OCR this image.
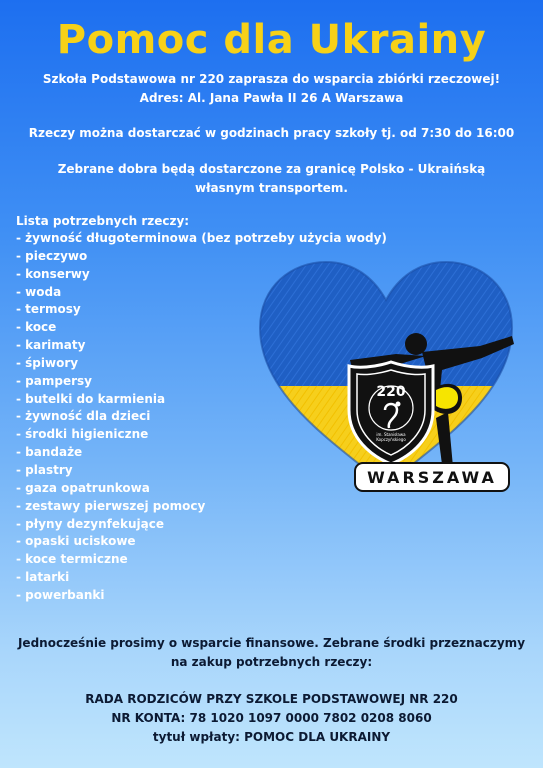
Pomoc dla Ukrainy
Szkoła Podstawowa nr 220 zaprasza do wsparcia zbiórki rzeczowej!
Adres: Al. Jana Pawła II 26 A Warszawa
Rzeczy można dostarczać w godzinach pracy szkoły tj. od 7:30 do 16:00
Zebrane dobra będą dostarczone za granicę Polsko - Ukraińską
własnym transportem.
Lista potrzebnych rzeczy:
- żywność długoterminowa (bez potrzeby użycia wody)
- pieczywo
- konserwy
- woda
- termosy
- koce
- karimaty
- śpiwory
- pampersy
- butelki do karmienia
- żywność dla dzieci
- środki higieniczne
- bandaże
- plastry
- gaza opatrunkowa
- zestawy pierwszej pomocy
- płyny dezynfekujące
- opaski uciskowe
- koce termiczne
- latarki
- powerbanki
220
im. Stanisława Kopczyńskiego
WARSZAWA
Jednocześnie prosimy o wsparcie finansowe. Zebrane środki przeznaczymy
na zakup potrzebnych rzeczy:
RADA RODZICÓW PRZY SZKOLE PODSTAWOWEJ NR 220
NR KONTA: 78 1020 1097 0000 7802 0208 8060
tytuł wpłaty: POMOC DLA UKRAINY
